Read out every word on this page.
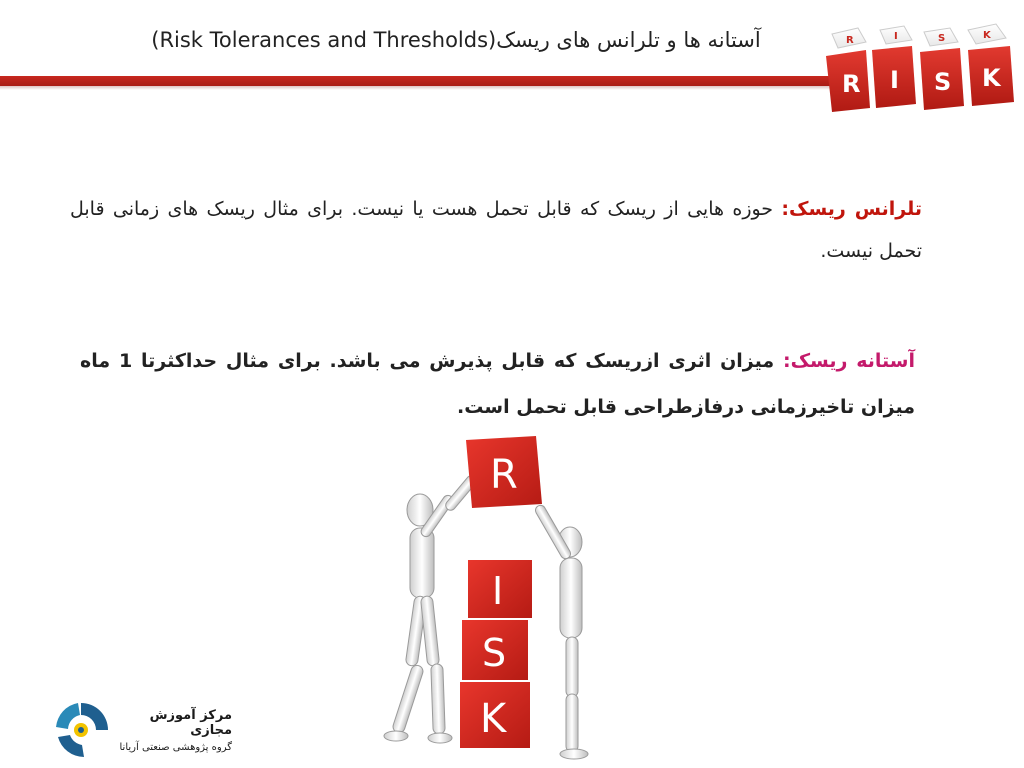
(Risk Tolerances and Thresholds)آستانه ها و تلرانس های ریسک	R	I	S	K
R I S K
تلرانس ریسک: حوزه هایی از ریسک که قابل تحمل هست یا نیست. برای مثال ریسک های زمانی قابل تحمل نیست.
آستانه ریسک: میزان اثری ازریسک که قابل پذیرش می باشد. برای مثال حداکثرتا 1 ماه میزان تاخیرزمانی درفازطراحی قابل تحمل است.
R
I
S
K
مرکز آموزش مجازی
گروه پژوهشی صنعتی آریانا
